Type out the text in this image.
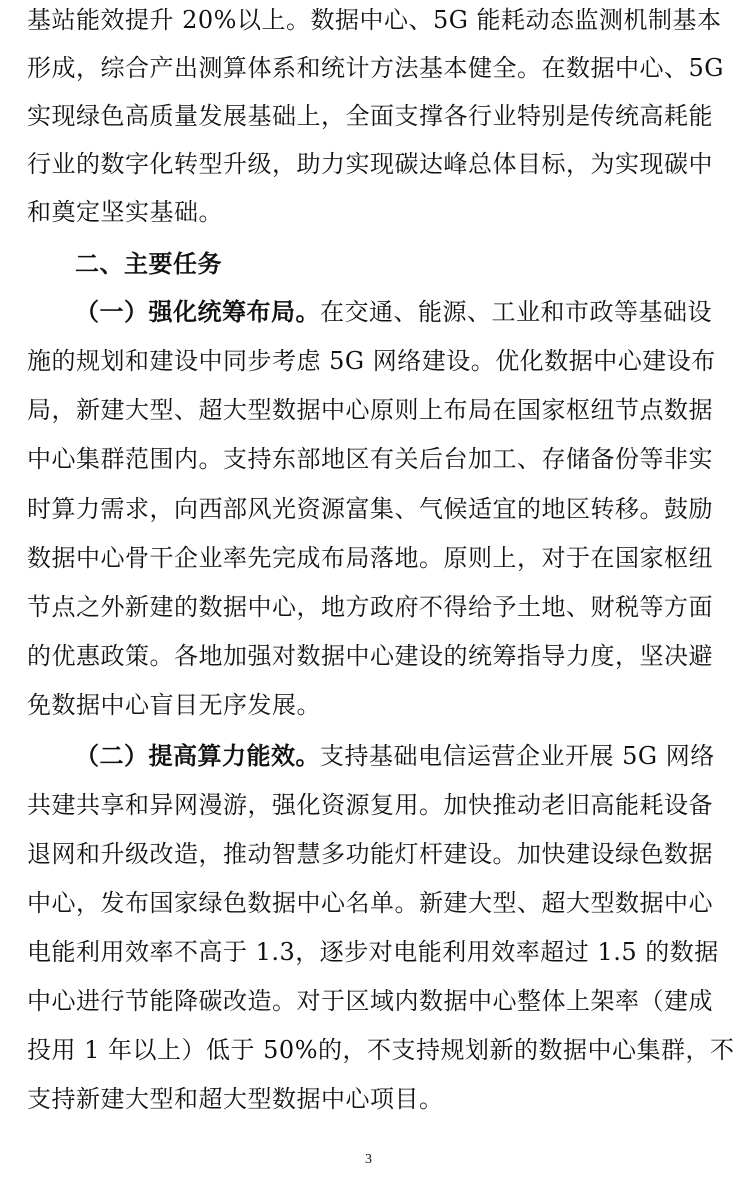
基站能效提升 20%以上。数据中心、5G 能耗动态监测机制基本
形成，综合产出测算体系和统计方法基本健全。在数据中心、5G
实现绿色高质量发展基础上，全面支撑各行业特别是传统高耗能
行业的数字化转型升级，助力实现碳达峰总体目标，为实现碳中
和奠定坚实基础。
二、主要任务
（一）强化统筹布局。在交通、能源、工业和市政等基础设
施的规划和建设中同步考虑 5G 网络建设。优化数据中心建设布
局，新建大型、超大型数据中心原则上布局在国家枢纽节点数据
中心集群范围内。支持东部地区有关后台加工、存储备份等非实
时算力需求，向西部风光资源富集、气候适宜的地区转移。鼓励
数据中心骨干企业率先完成布局落地。原则上，对于在国家枢纽
节点之外新建的数据中心，地方政府不得给予土地、财税等方面
的优惠政策。各地加强对数据中心建设的统筹指导力度，坚决避
免数据中心盲目无序发展。
（二）提高算力能效。支持基础电信运营企业开展 5G 网络
共建共享和异网漫游，强化资源复用。加快推动老旧高能耗设备
退网和升级改造，推动智慧多功能灯杆建设。加快建设绿色数据
中心，发布国家绿色数据中心名单。新建大型、超大型数据中心
电能利用效率不高于 1.3，逐步对电能利用效率超过 1.5 的数据
中心进行节能降碳改造。对于区域内数据中心整体上架率（建成
投用 1 年以上）低于 50%的，不支持规划新的数据中心集群，不
支持新建大型和超大型数据中心项目。
3
